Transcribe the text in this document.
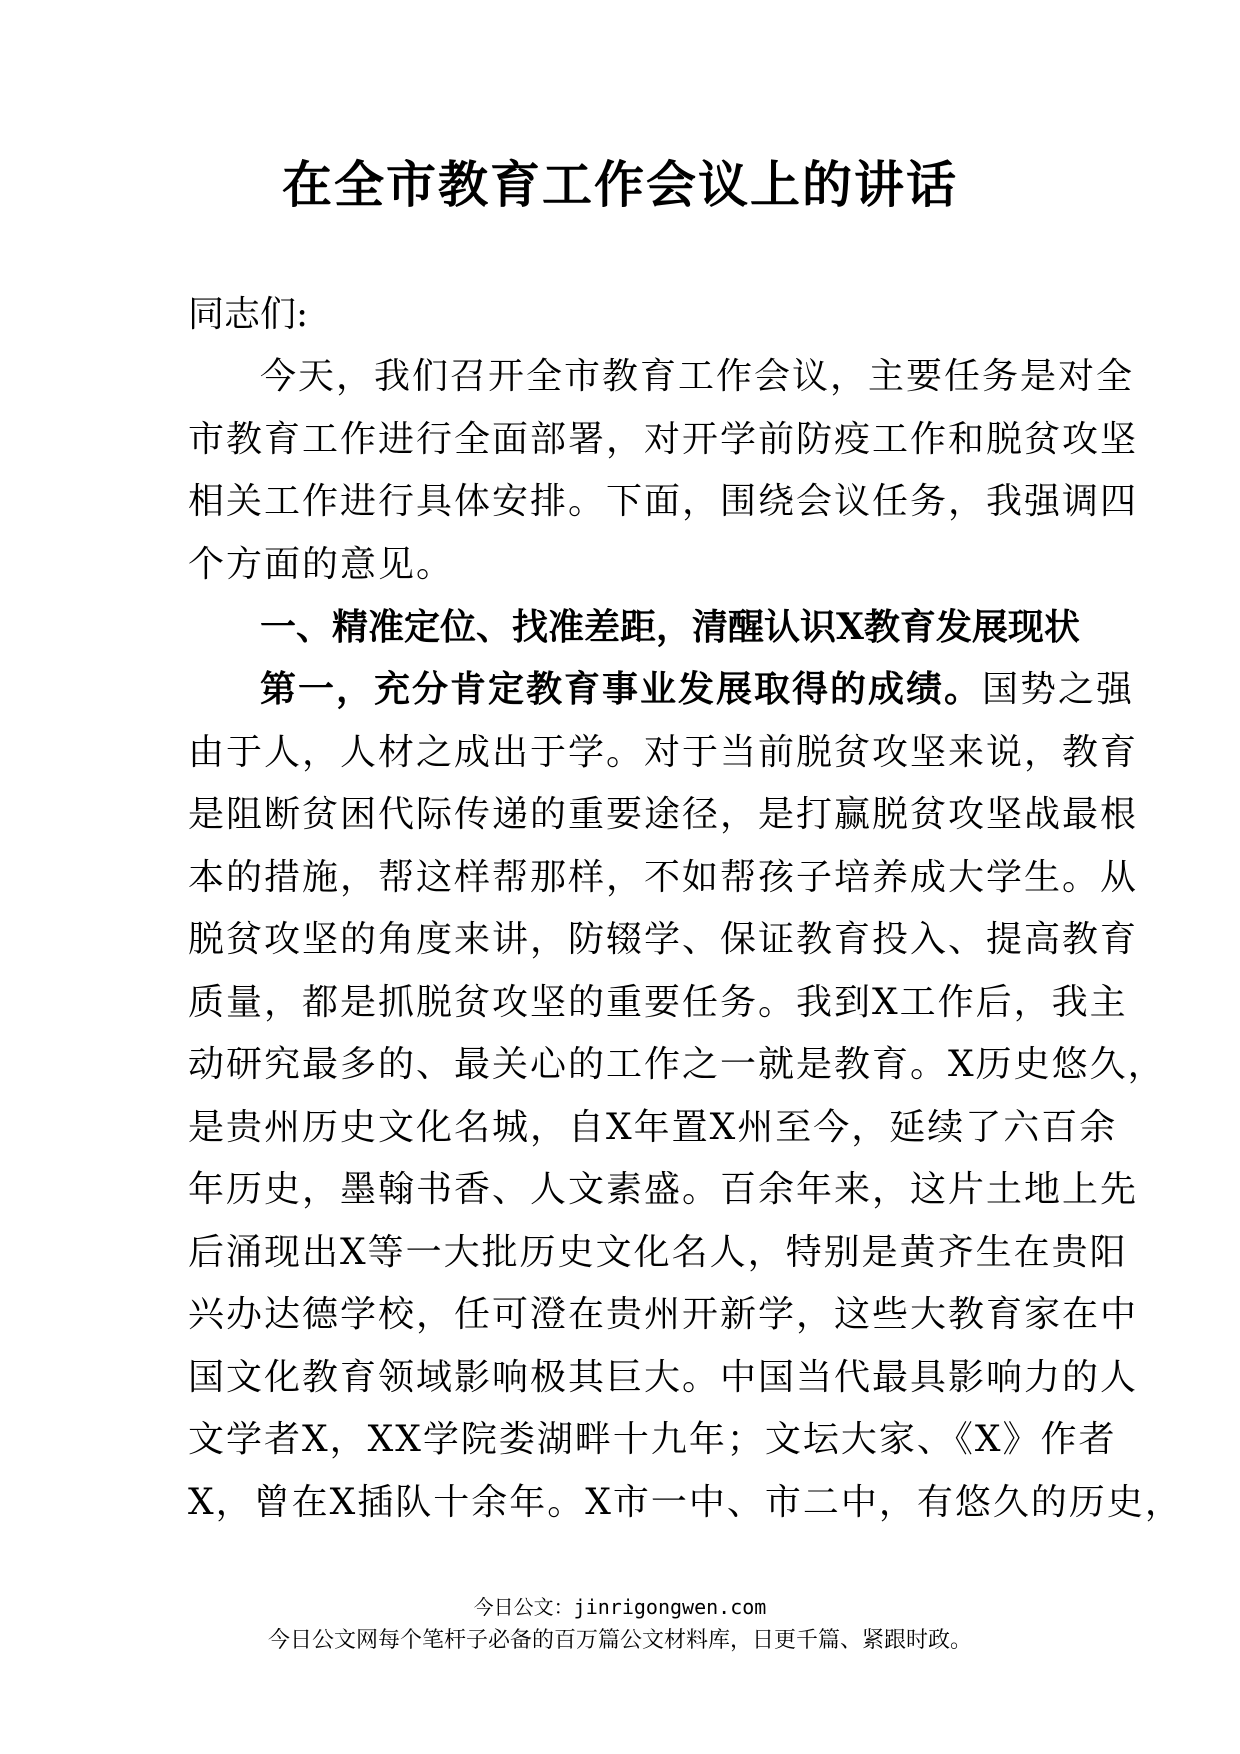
在全市教育工作会议上的讲话

同志们:

今天，我们召开全市教育工作会议，主要任务是对全
市教育工作进行全面部署，对开学前防疫工作和脱贫攻坚
相关工作进行具体安排。下面，围绕会议任务，我强调四
个方面的意见。

一、精准定位、找准差距，清醒认识X教育发展现状

第一，充分肯定教育事业发展取得的成绩。国势之强
由于人，人材之成出于学。对于当前脱贫攻坚来说，教育
是阻断贫困代际传递的重要途径，是打赢脱贫攻坚战最根
本的措施，帮这样帮那样，不如帮孩子培养成大学生。从
脱贫攻坚的角度来讲，防辍学、保证教育投入、提高教育
质量，都是抓脱贫攻坚的重要任务。我到X工作后，我主
动研究最多的、最关心的工作之一就是教育。X历史悠久，
是贵州历史文化名城，自X年置X州至今，延续了六百余
年历史，墨翰书香、人文素盛。百余年来，这片土地上先
后涌现出X等一大批历史文化名人，特别是黄齐生在贵阳
兴办达德学校，任可澄在贵州开新学，这些大教育家在中
国文化教育领域影响极其巨大。中国当代最具影响力的人
文学者X，XX学院娄湖畔十九年；文坛大家、《X》作者
X，曾在X插队十余年。X市一中、市二中，有悠久的历史，
今日公文：jinrigongwen.com
今日公文网每个笔杆子必备的百万篇公文材料库，日更千篇、紧跟时政。
